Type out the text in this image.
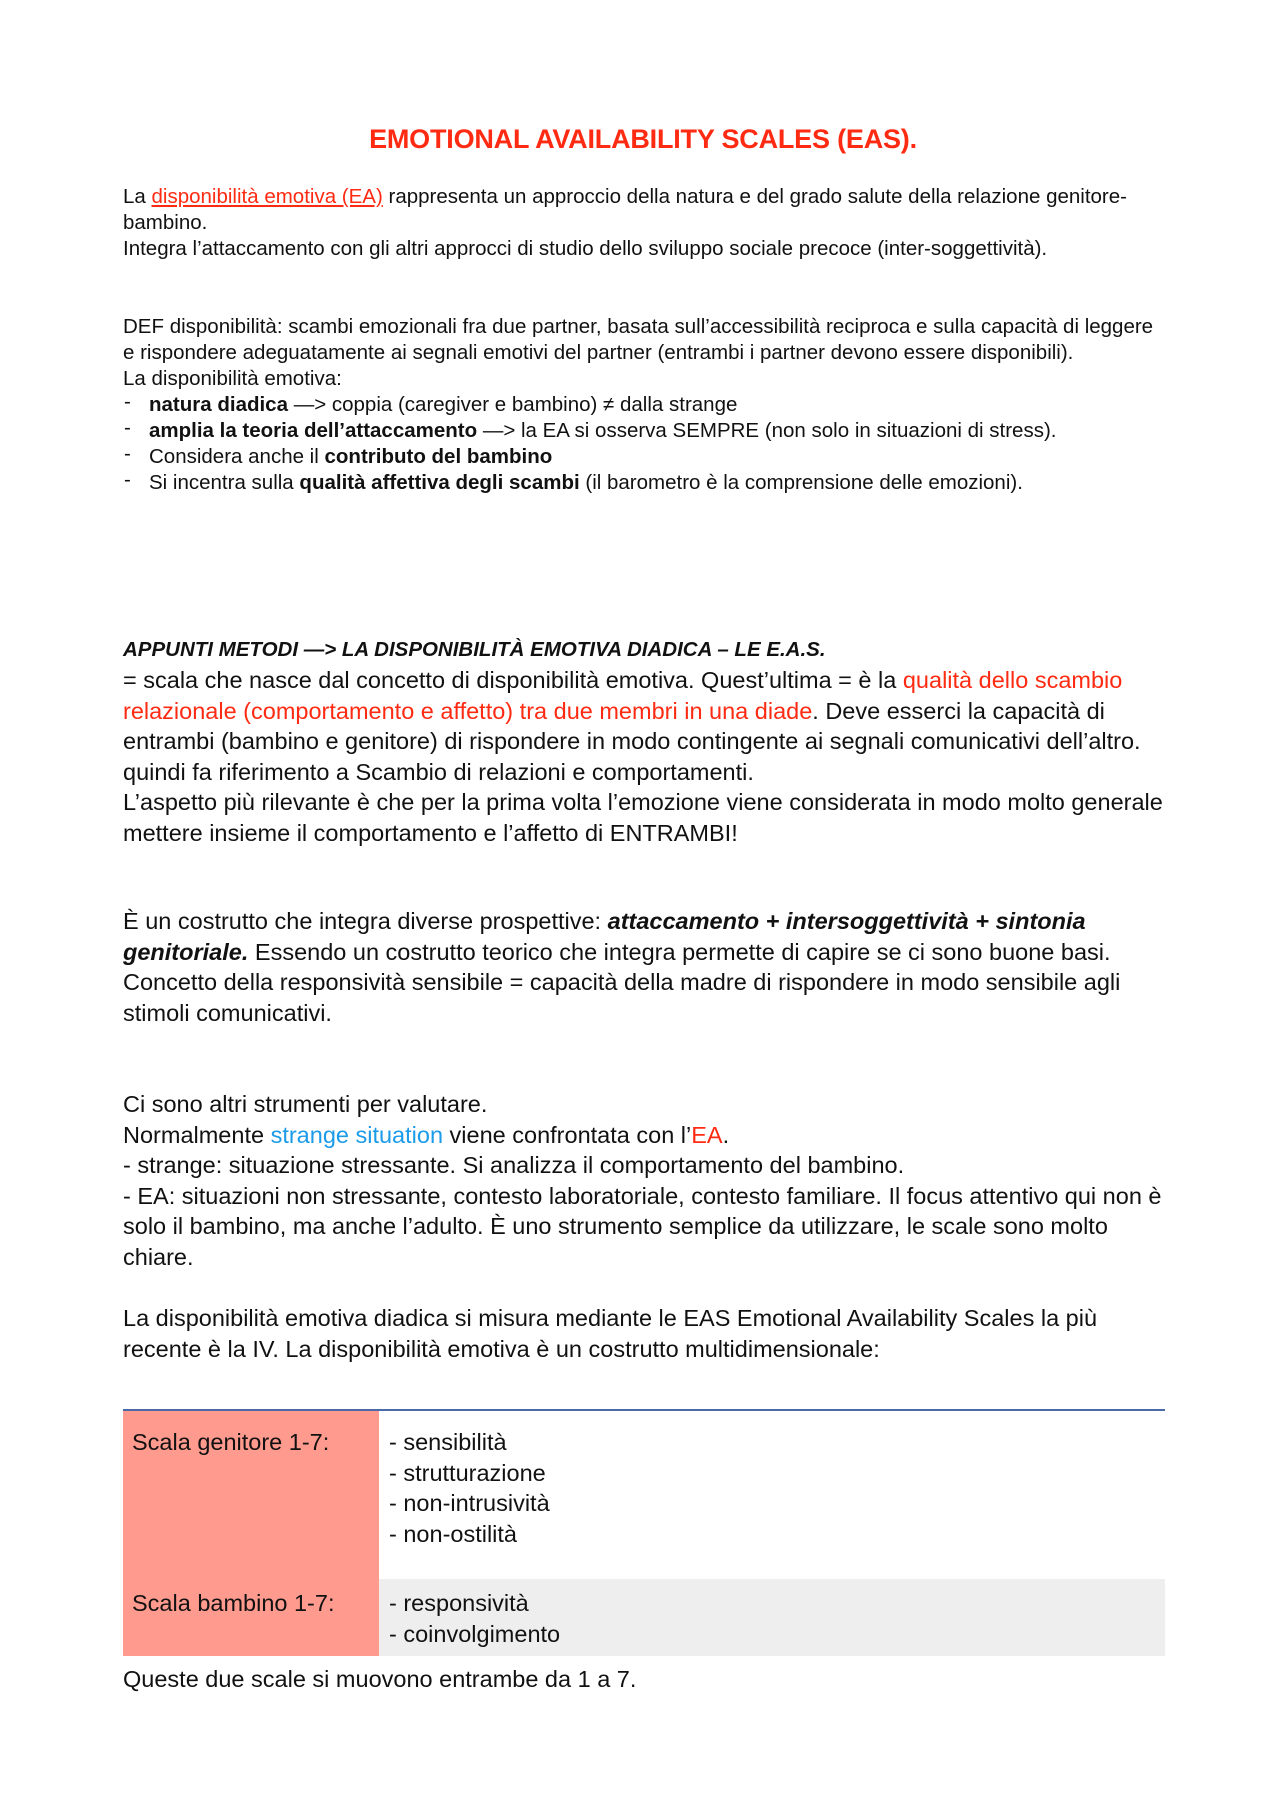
EMOTIONAL AVAILABILITY SCALES (EAS).

La disponibilità emotiva (EA) rappresenta un approccio della natura e del grado salute della relazione genitore-bambino.

Integra l’attaccamento con gli altri approcci di studio dello sviluppo sociale precoce (inter-soggettività).

DEF disponibilità: scambi emozionali fra due partner, basata sull’accessibilità reciproca e sulla capacità di leggere e rispondere adeguatamente ai segnali emotivi del partner (entrambi i partner devono essere disponibili).

La disponibilità emotiva:

- natura diadica —> coppia (caregiver e bambino) ≠ dalla strange
- amplia la teoria dell’attaccamento —> la EA si osserva SEMPRE (non solo in situazioni di stress).
- Considera anche il contributo del bambino
- Si incentra sulla qualità affettiva degli scambi (il barometro è la comprensione delle emozioni).

APPUNTI METODI —> LA DISPONIBILITÀ EMOTIVA DIADICA – LE E.A.S.

= scala che nasce dal concetto di disponibilità emotiva. Quest’ultima = è la qualità dello scambio relazionale (comportamento e affetto) tra due membri in una diade. Deve esserci la capacità di entrambi (bambino e genitore) di rispondere in modo contingente ai segnali comunicativi dell’altro.

quindi fa riferimento a Scambio di relazioni e comportamenti.

L’aspetto più rilevante è che per la prima volta l’emozione viene considerata in modo molto generale mettere insieme il comportamento e l’affetto di ENTRAMBI!

È un costrutto che integra diverse prospettive: attaccamento + intersoggettività + sintonia genitoriale. Essendo un costrutto teorico che integra permette di capire se ci sono buone basi.

Concetto della responsività sensibile = capacità della madre di rispondere in modo sensibile agli stimoli comunicativi.

Ci sono altri strumenti per valutare.

Normalmente strange situation viene confrontata con l’EA.

- strange: situazione stressante. Si analizza il comportamento del bambino.

- EA: situazioni non stressante, contesto laboratoriale, contesto familiare. Il focus attentivo qui non è solo il bambino, ma anche l’adulto. È uno strumento semplice da utilizzare, le scale sono molto chiare.

La disponibilità emotiva diadica si misura mediante le EAS Emotional Availability Scales la più recente è la IV. La disponibilità emotiva è un costrutto multidimensionale:

Scala genitore 1-7:	- sensibilità
- strutturazione
- non-intrusività
- non-ostilità
Scala bambino 1-7:	- responsività
- coinvolgimento

Queste due scale si muovono entrambe da 1 a 7.
